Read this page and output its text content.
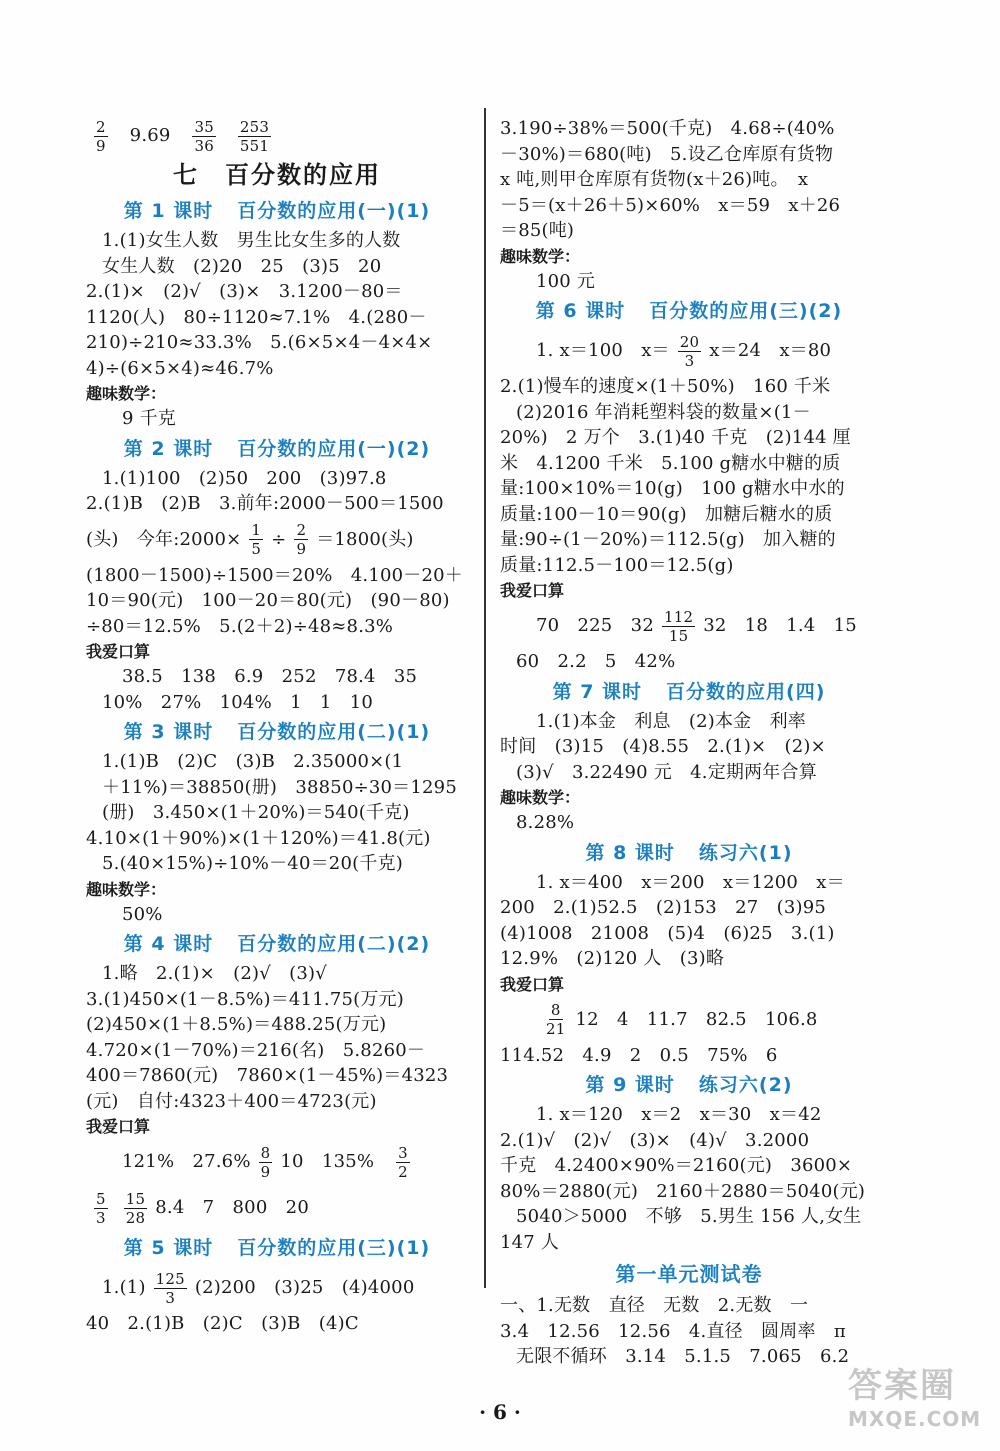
$\frac{2}{9} 9.69 \frac{35}{36}$
$\frac{253}{551}$
七　百分数的应用
第 1 课时 百分数的应用(一)(1)
1.(1)女生人数　男生比女生多的人数
女生人数　(2)20　25　(3)5　20
2.(1)×　(2)√　(3)×　3.1200－80＝
1120(人)　80÷1120≈7.1%　4.(280－
210)÷210≈33.3%　5.(6×5×4－4×4×
4)÷(6×5×4)≈46.7%
趣味数学：
9 千克
第 2 课时 百分数的应用(一)(2)
1.(1)100　(2)50　200　(3)97.8
2.(1)B　(2)B　3.前年:2000－500＝1500
(头)　今年:2000× $\frac{1}{5} \div \frac{2}{9} =1800$(头)
(1800－1500)÷1500＝20%　4.100－20＋
10＝90(元)　100－20＝80(元)　(90－80)
÷80＝12.5%　5.(2＋2)÷48≈8.3%
我爱口算
38.5　138　6.9　252　78.4　35
10%　27%　104%　1　1　10
第 3 课时 百分数的应用(二)(1)
1.(1)B　(2)C　(3)B　2.35000×(1
＋11%)＝38850(册)　38850÷30＝1295
(册)　3.450×(1＋20%)＝540(千克)
4.10×(1＋90%)×(1＋120%)＝41.8(元)
5.(40×15%)÷10%－40＝20(千克)
趣味数学：
50%
第 4 课时 百分数的应用(二)(2)
1.略　2.(1)×　(2)√　(3)√
3.(1)450×(1－8.5%)＝411.75(万元)
(2)450×(1＋8.5%)＝488.25(万元)
4.720×(1－70%)＝216(名)　5.8260－
400＝7860(元)　7860×(1－45%)＝4323
(元)　自付:4323＋400＝4723(元)
我爱口算
121%　$27.6\% \frac{8}{9} 10$　$135\% \frac{3}{2}$
$\frac{5}{3} \frac{15}{28} 8.4$　7　800　20
第 5 课时 百分数的应用(三)(1)
$1.(1) \frac{125}{3} (2)200$　(3)25　(4)4000
40　2.(1)B　(2)C　(3)B　(4)C
3.190÷38%＝500(千克)　4.68÷(40%
－30%)＝680(吨)　5.设乙仓库原有货物
x 吨,则甲仓库原有货物(x＋26)吨。　x
－5＝(x＋26＋5)×60%　x＝59　x＋26
＝85(吨)
趣味数学：
100 元
第 6 课时 百分数的应用(三)(2)
1. x＝100　$x= \frac{20}{3} x=24$　x＝80
2.(1)慢车的速度×(1＋50%)　160 千米
(2)2016 年消耗塑料袋的数量×(1－
20%)　2 万个　3.(1)40 千克　(2)144 厘
米　4.1200 千米　5.100 g糖水中糖的质
量:100×10%＝10(g)　100 g糖水中水的
质量:100－10＝90(g)　加糖后糖水的质
量:90÷(1－20%)＝112.5(g)　加入糖的
质量:112.5－100＝12.5(g)
我爱口算
70　225　$32 \frac{112}{15} 32$　18　1.4　15
60　2.2　5　42%
第 7 课时 百分数的应用(四)
1.(1)本金　利息　(2)本金　利率
时间　(3)15　(4)8.55　2.(1)×　(2)×
(3)√　3.22490 元　4.定期两年合算
趣味数学：
8.28%
第 8 课时 练习六(1)
1. x＝400　x＝200　x＝1200　x＝
200　2.(1)52.5　(2)153　27　(3)95
(4)1008　21008　(5)4　(6)25　3.(1)
12.9%　(2)120 人　(3)略
我爱口算
$\frac{8}{21} 12$　4　11.7　82.5　106.8
114.52　4.9　2　0.5　75%　6
第 9 课时 练习六(2)
1. x＝120　x＝2　x＝30　x＝42
2.(1)√　(2)√　(3)×　(4)√　3.2000
千克　4.2400×90%＝2160(元)　3600×
80%＝2880(元)　2160＋2880＝5040(元)
5040＞5000　不够　5.男生 156 人,女生
147 人
第一单元测试卷
一、1.无数　直径　无数　2.无数　一
3.4　12.56　12.56　4.直径　圆周率　π
无限不循环　3.14　5.1.5　7.065　6.2
· 6 ·
答案圈
MXQE.COM
